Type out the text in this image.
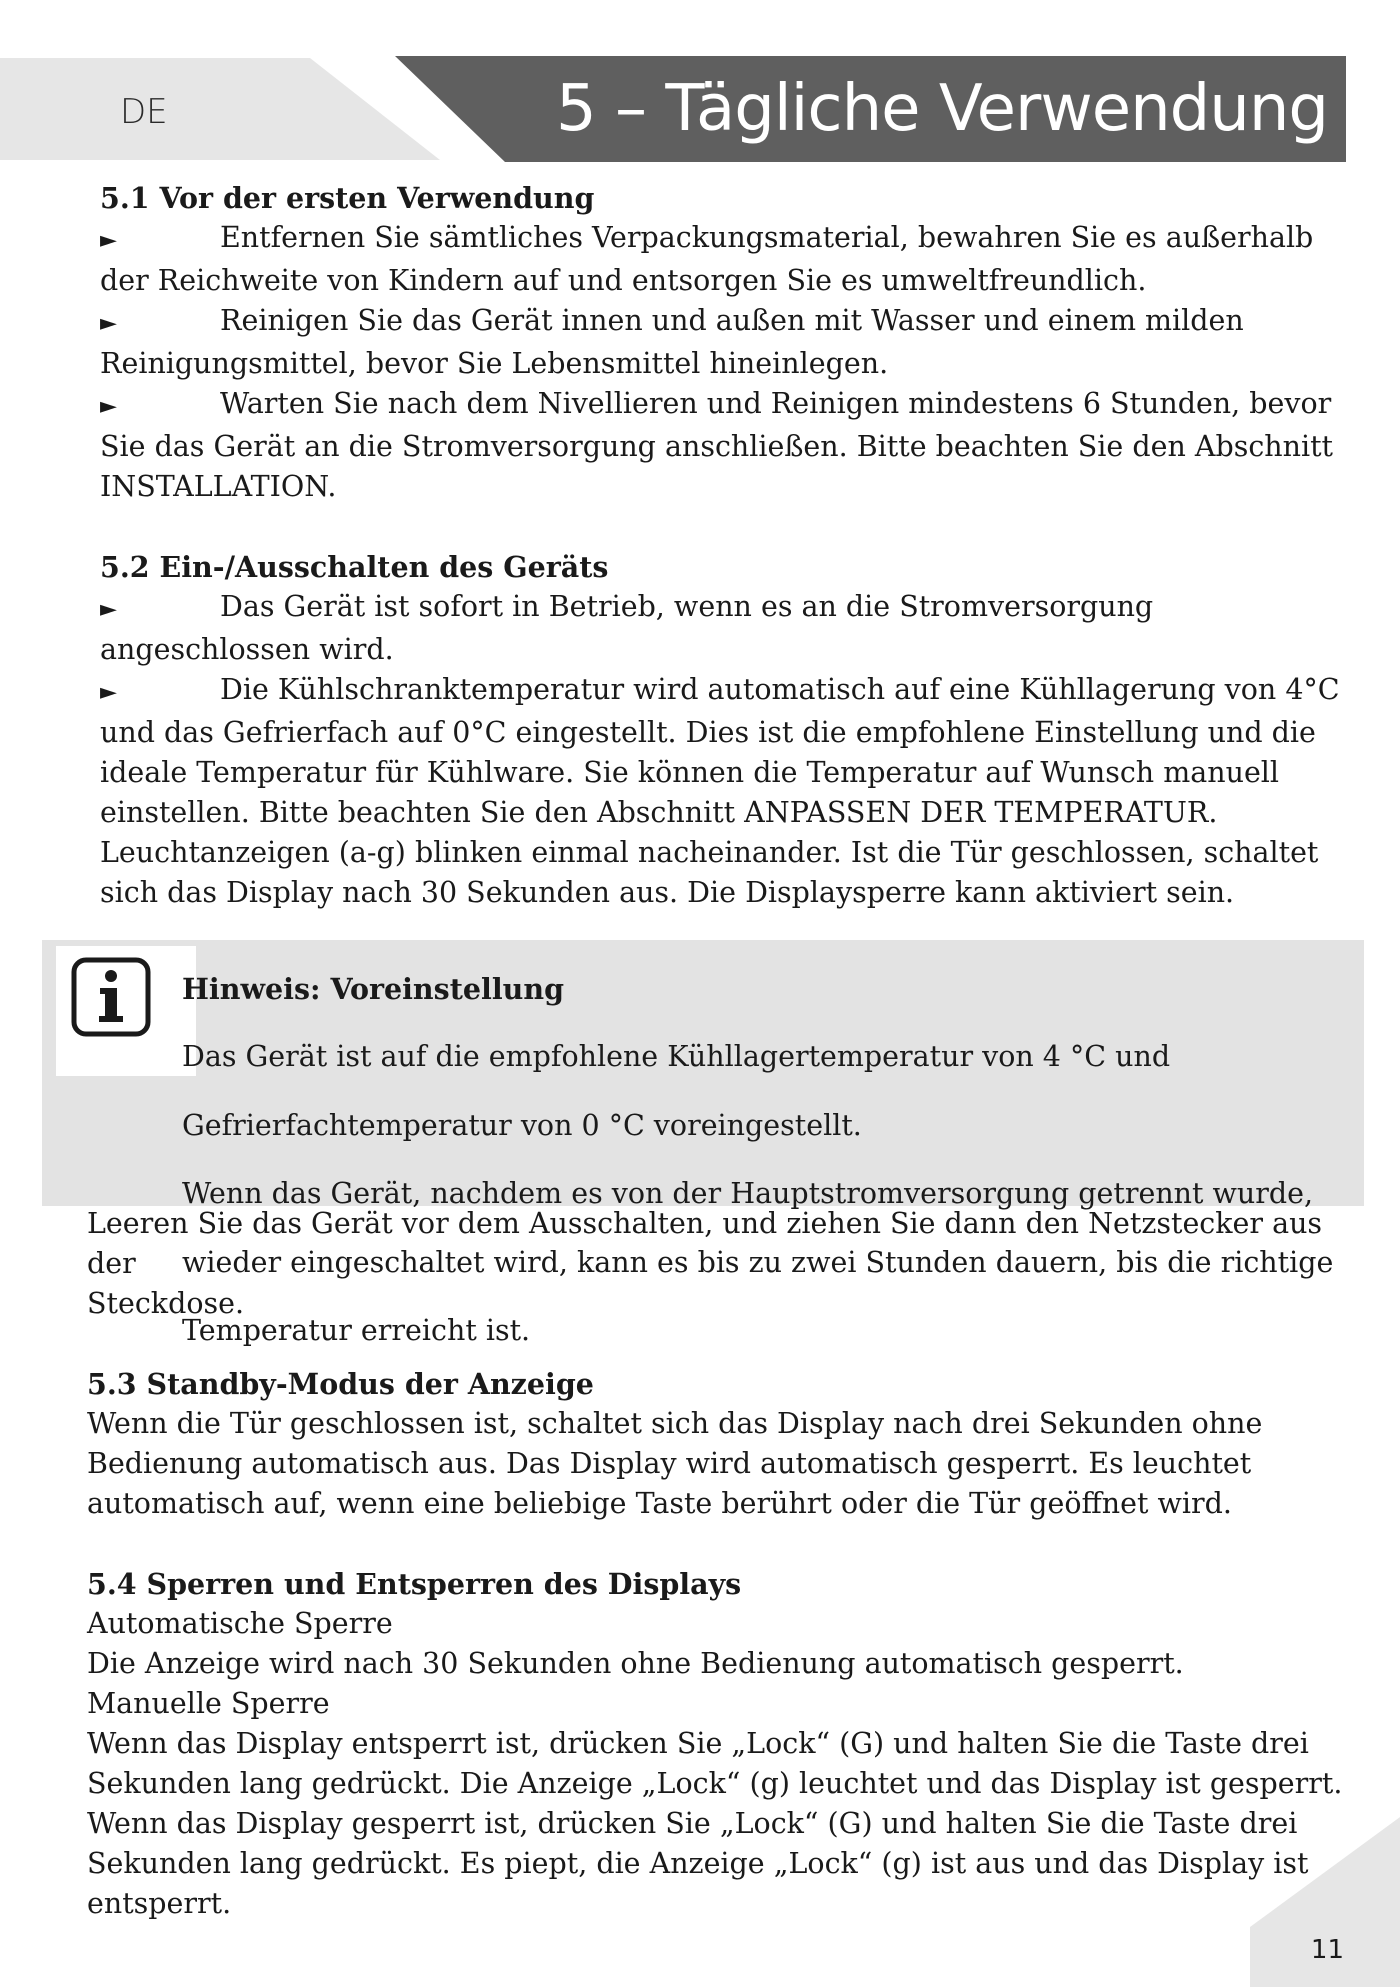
DE	5 – Tägliche Verwendung

5.1 Vor der ersten Verwendung

►	Entfernen Sie sämtliches Verpackungsmaterial, bewahren Sie es außerhalb

der Reichweite von Kindern auf und entsorgen Sie es umweltfreundlich.

►	Reinigen Sie das Gerät innen und außen mit Wasser und einem milden

Reinigungsmittel, bevor Sie Lebensmittel hineinlegen.

►	Warten Sie nach dem Nivellieren und Reinigen mindestens 6 Stunden, bevor

Sie das Gerät an die Stromversorgung anschließen. Bitte beachten Sie den Abschnitt

INSTALLATION.

5.2 Ein-/Ausschalten des Geräts

►	Das Gerät ist sofort in Betrieb, wenn es an die Stromversorgung

angeschlossen wird.

►	Die Kühlschranktemperatur wird automatisch auf eine Kühllagerung von 4°C

und das Gefrierfach auf 0°C eingestellt. Dies ist die empfohlene Einstellung und die

ideale Temperatur für Kühlware. Sie können die Temperatur auf Wunsch manuell

einstellen. Bitte beachten Sie den Abschnitt ANPASSEN DER TEMPERATUR.

Leuchtanzeigen (a-g) blinken einmal nacheinander. Ist die Tür geschlossen, schaltet

sich das Display nach 30 Sekunden aus. Die Displaysperre kann aktiviert sein.

Hinweis: Voreinstellung

Das Gerät ist auf die empfohlene Kühllagertemperatur von 4 °C und

Gefrierfachtemperatur von 0 °C voreingestellt.

Wenn das Gerät, nachdem es von der Hauptstromversorgung getrennt wurde,

wieder eingeschaltet wird, kann es bis zu zwei Stunden dauern, bis die richtige

Temperatur erreicht ist.

Leeren Sie das Gerät vor dem Ausschalten, und ziehen Sie dann den Netzstecker aus der

Steckdose.

5.3 Standby-Modus der Anzeige

Wenn die Tür geschlossen ist, schaltet sich das Display nach drei Sekunden ohne

Bedienung automatisch aus. Das Display wird automatisch gesperrt. Es leuchtet

automatisch auf, wenn eine beliebige Taste berührt oder die Tür geöffnet wird.

5.4 Sperren und Entsperren des Displays

Automatische Sperre

Die Anzeige wird nach 30 Sekunden ohne Bedienung automatisch gesperrt.

Manuelle Sperre

Wenn das Display entsperrt ist, drücken Sie „Lock“ (G) und halten Sie die Taste drei

Sekunden lang gedrückt. Die Anzeige „Lock“ (g) leuchtet und das Display ist gesperrt.

Wenn das Display gesperrt ist, drücken Sie „Lock“ (G) und halten Sie die Taste drei

Sekunden lang gedrückt. Es piept, die Anzeige „Lock“ (g) ist aus und das Display ist

entsperrt.

11
